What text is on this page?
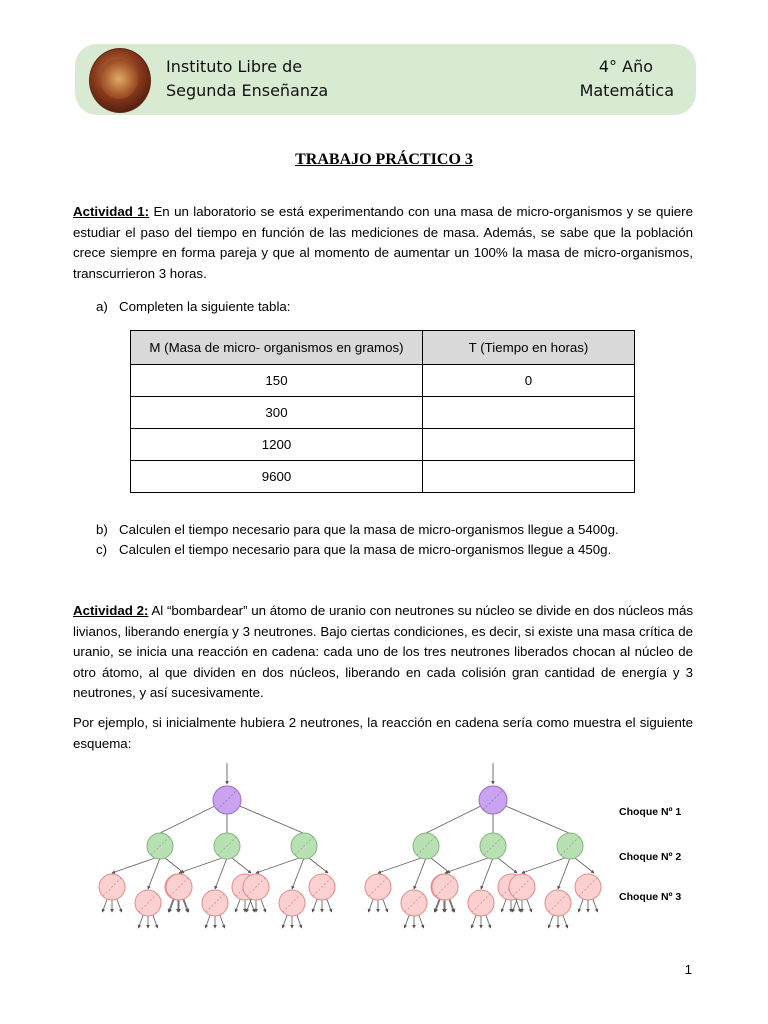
Instituto Libre de
Segunda Enseñanza
4° Año
Matemática
TRABAJO PRÁCTICO 3
Actividad 1: En un laboratorio se está experimentando con una masa de micro-organismos y se quiere estudiar el paso del tiempo en función de las mediciones de masa. Además, se sabe que la población crece siempre en forma pareja y que al momento de aumentar un 100% la masa de micro-organismos, transcurrieron 3 horas.
a) Completen la siguiente tabla:
M (Masa de micro- organismos en gramos)	T (Tiempo en horas)
150	0
300	
1200	
9600	
b) Calculen el tiempo necesario para que la masa de micro-organismos llegue a 5400g.
c) Calculen el tiempo necesario para que la masa de micro-organismos llegue a 450g.
Actividad 2: Al “bombardear” un átomo de uranio con neutrones su núcleo se divide en dos núcleos más livianos, liberando energía y 3 neutrones. Bajo ciertas condiciones, es decir, si existe una masa crítica de uranio, se inicia una reacción en cadena: cada uno de los tres neutrones liberados chocan al núcleo de otro átomo, al que dividen en dos núcleos, liberando en cada colisión gran cantidad de energía y 3 neutrones, y así sucesivamente.
Por ejemplo, si inicialmente hubiera 2 neutrones, la reacción en cadena sería como muestra el siguiente esquema:
Choque Nº 1
Choque Nº 2
Choque Nº 3
1
